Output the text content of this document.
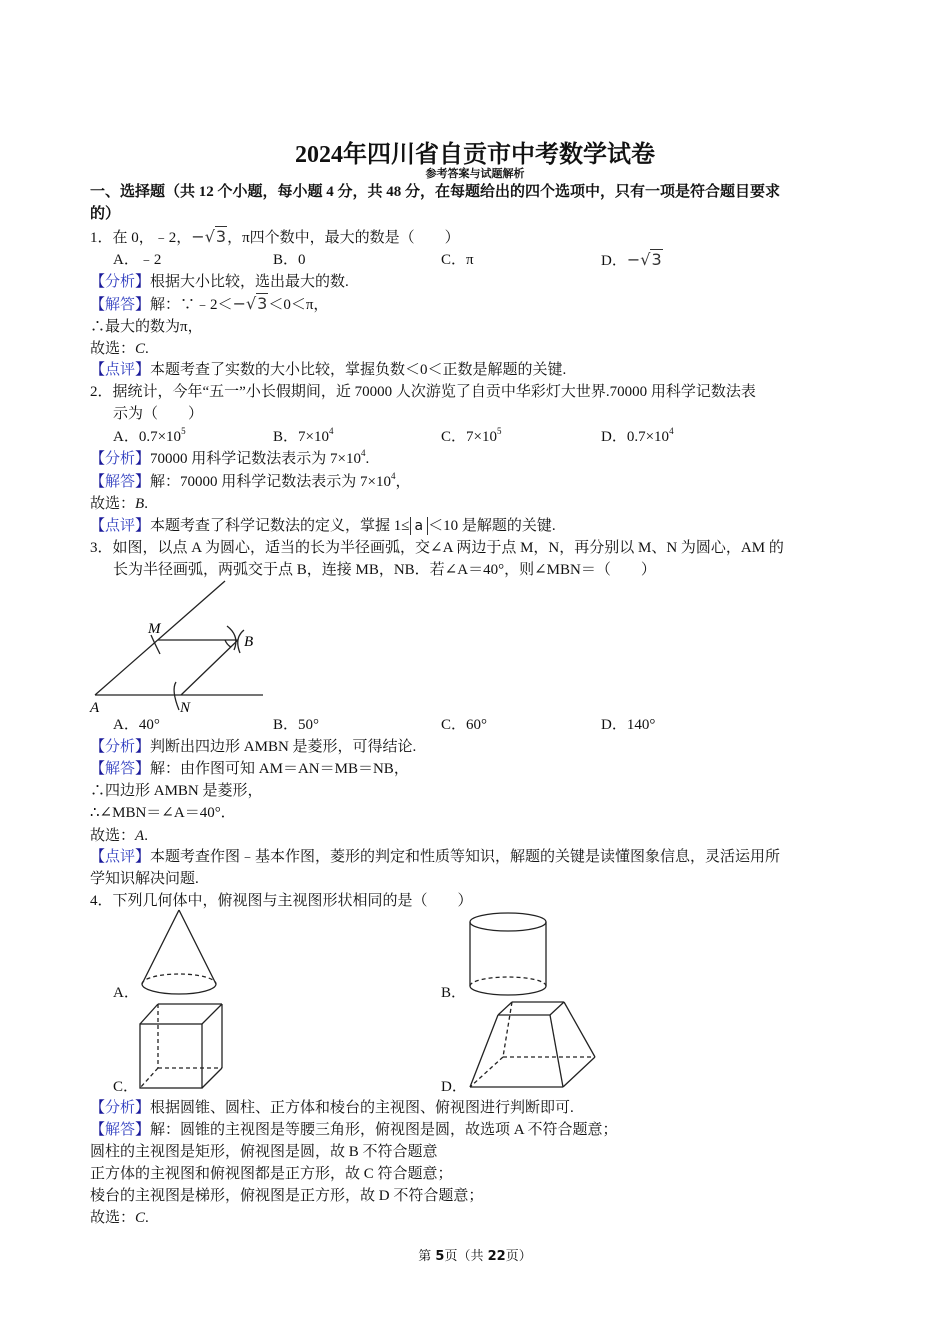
2024年四川省自贡市中考数学试卷
参考答案与试题解析
一、选择题（共 12 个小题，每小题 4 分，共 48 分，在每题给出的四个选项中，只有一项是符合题目要求
的）
1．在 0，﹣2，−√3，π四个数中，最大的数是（　　）
A．﹣2	B．0	C．π	D．−√3
【分析】根据大小比较，选出最大的数.
【解答】解：∵﹣2＜−√3＜0＜π，
∴最大的数为π，
故选：C.
【点评】本题考查了实数的大小比较，掌握负数＜0＜正数是解题的关键.
2．据统计，今年“五一”小长假期间，近 70000 人次游览了自贡中华彩灯大世界.70000 用科学记数法表
示为（　　）
A．$0.7\times 10^5$	B．$7\times 10^4$	C．$7\times 10^5$	D．$0.7\times 10^4$
【分析】70000 用科学记数法表示为 $7\times 10^4$.
【解答】解：70000 用科学记数法表示为 $7\times 10^4$，
故选：B.
【点评】本题考查了科学记数法的定义，掌握 1≤ a ＜10 是解题的关键.
3．如图，以点 A 为圆心，适当的长为半径画弧，交∠A 两边于点 M，N，再分别以 M、N 为圆心，AM 的
长为半径画弧，两弧交于点 B，连接 MB，NB．若∠A＝40°，则∠MBN＝（　　）
M
B
A	N
A．40°	B．50°	C．60°	D．140°
【分析】判断出四边形 AMBN 是菱形，可得结论.
【解答】解：由作图可知 AM＝AN＝MB＝NB，
∴四边形 AMBN 是菱形，
∴∠MBN＝∠A＝40°．
故选：A.
【点评】本题考查作图﹣基本作图，菱形的判定和性质等知识，解题的关键是读懂图象信息，灵活运用所
学知识解决问题.
4．下列几何体中，俯视图与主视图形状相同的是（　　）
A．	B．
C．	D．
【分析】根据圆锥、圆柱、正方体和棱台的主视图、俯视图进行判断即可.
【解答】解：圆锥的主视图是等腰三角形，俯视图是圆，故选项 A 不符合题意；
圆柱的主视图是矩形，俯视图是圆，故 B 不符合题意
正方体的主视图和俯视图都是正方形，故 C 符合题意；
棱台的主视图是梯形，俯视图是正方形，故 D 不符合题意；
故选：C.
第 5页（共 22页）
